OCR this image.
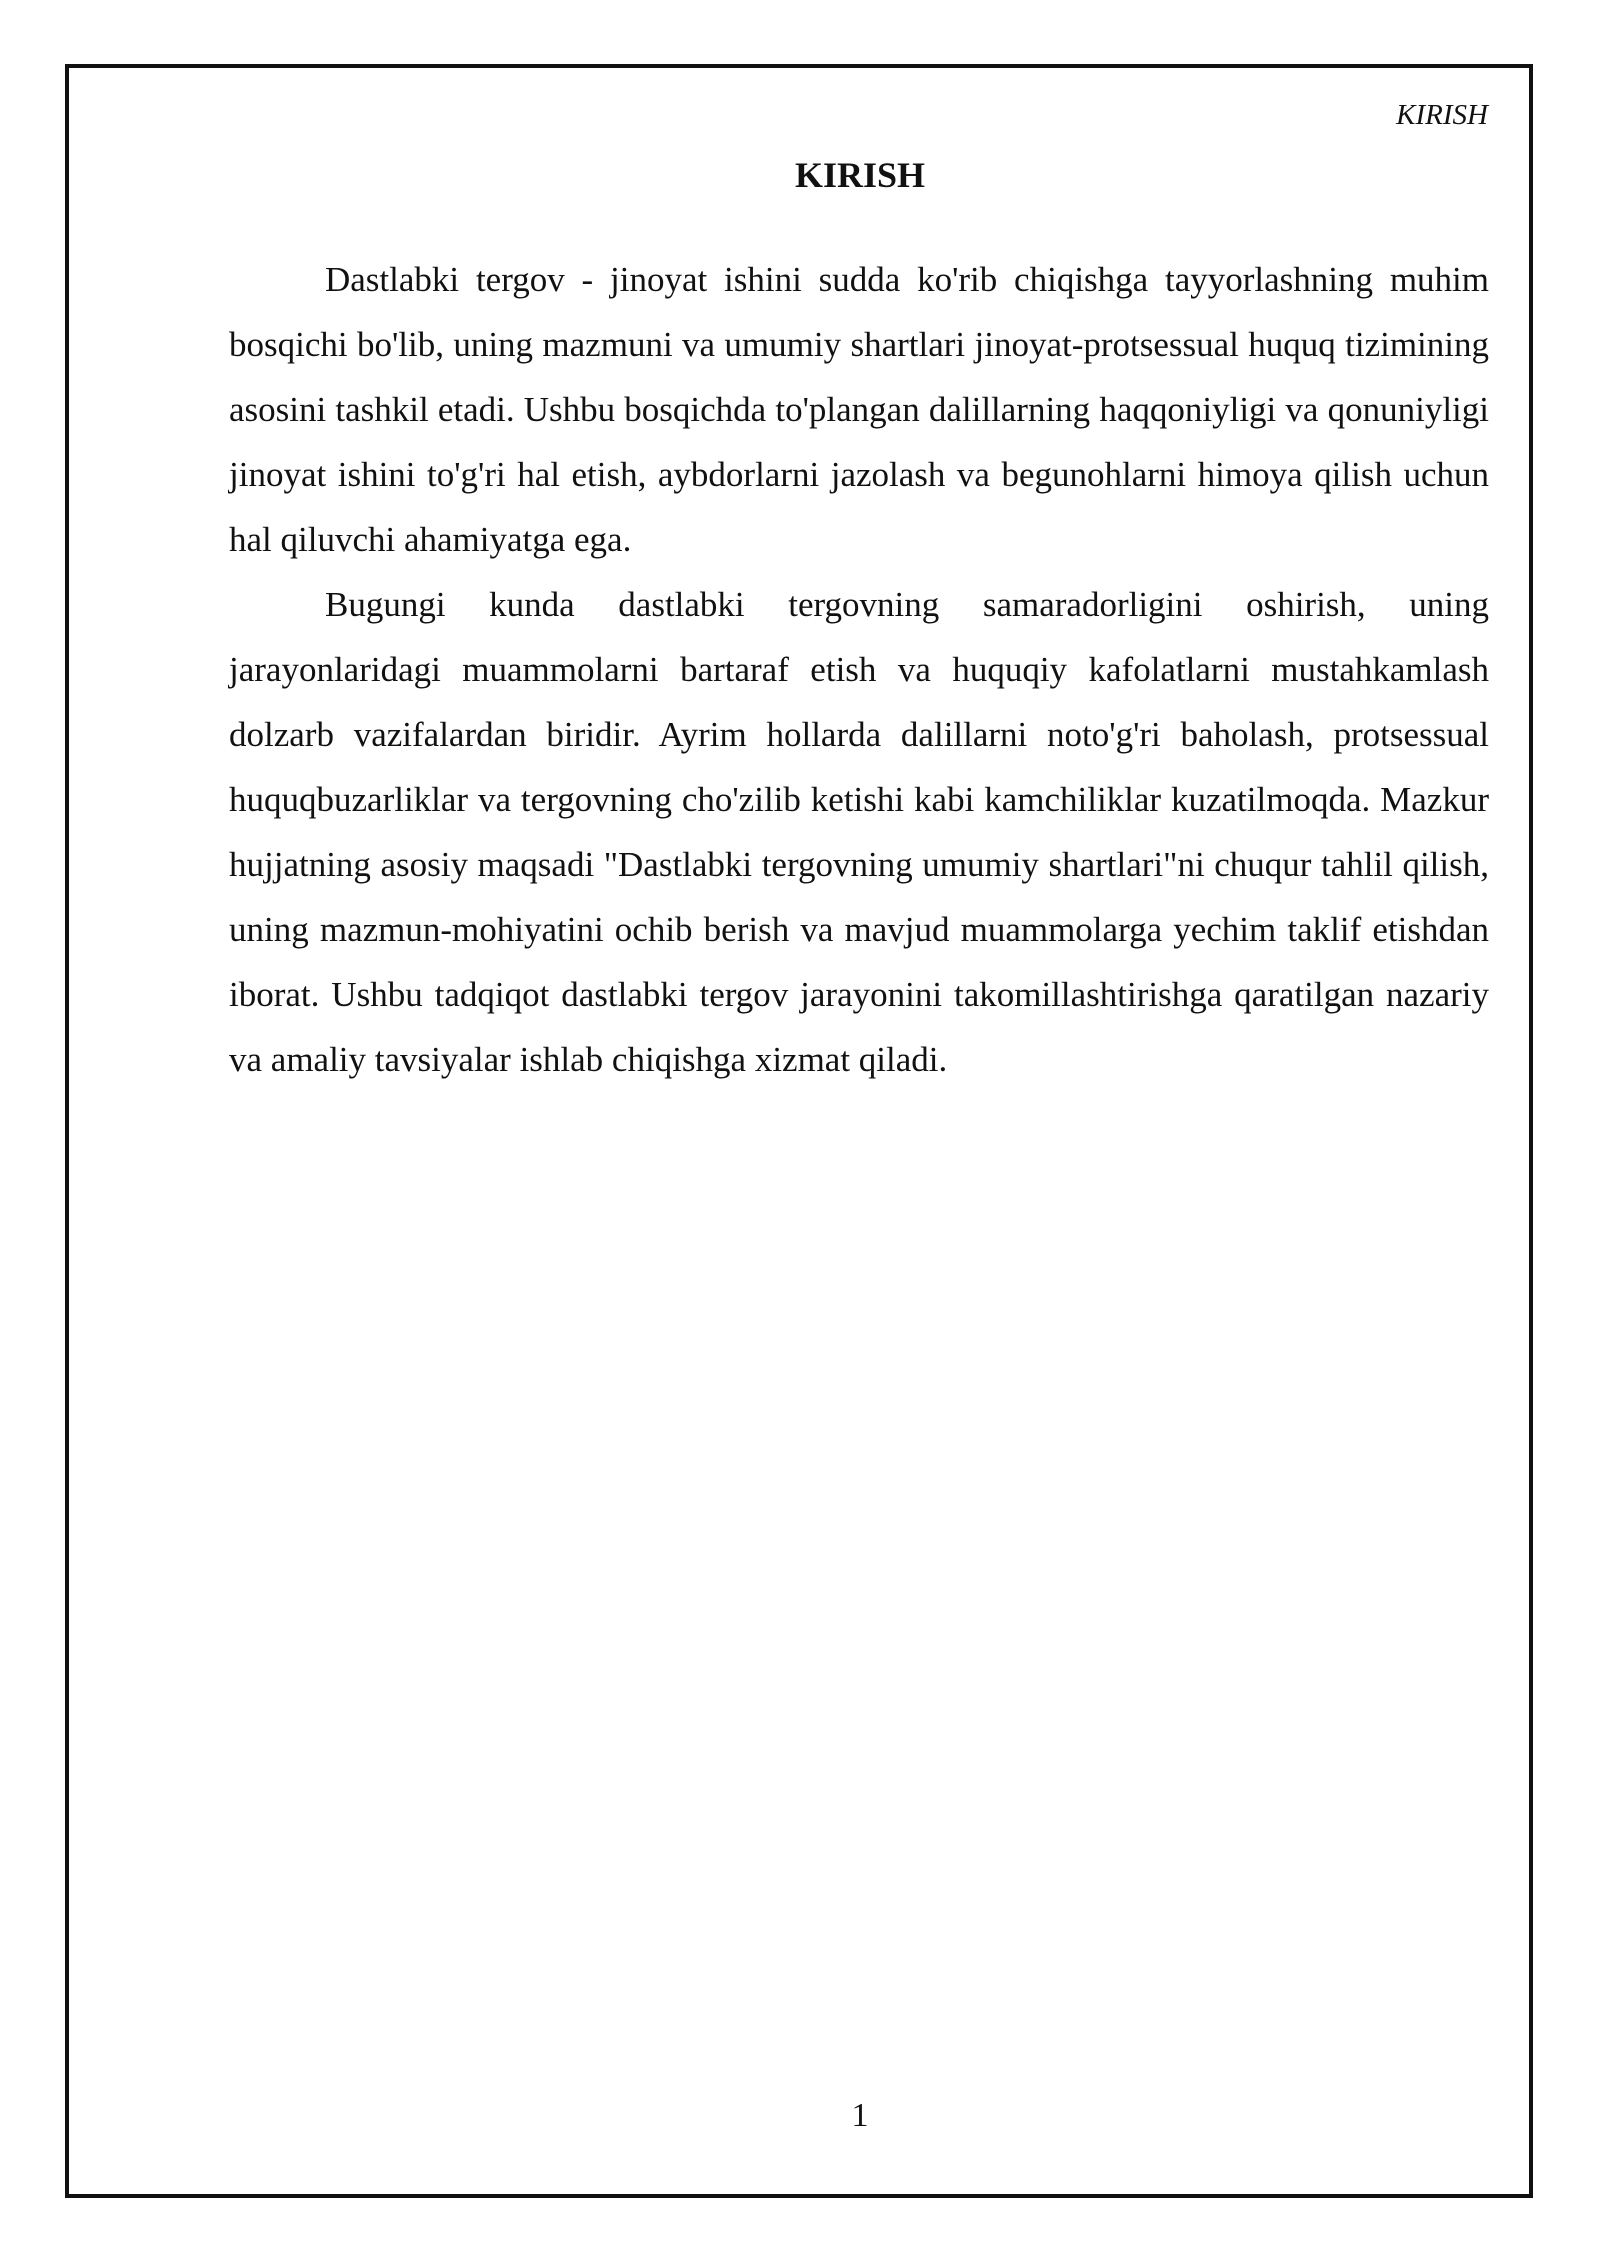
KIRISH
KIRISH

Dastlabki tergov - jinoyat ishini sudda ko'rib chiqishga tayyorlashning muhim bosqichi bo'lib, uning mazmuni va umumiy shartlari jinoyat-protsessual huquq tizimining asosini tashkil etadi. Ushbu bosqichda to'plangan dalillarning haqqoniyligi va qonuniyligi jinoyat ishini to'g'ri hal etish, aybdorlarni jazolash va begunohlarni himoya qilish uchun hal qiluvchi ahamiyatga ega.

Bugungi kunda dastlabki tergovning samaradorligini oshirish, uning jarayonlaridagi muammolarni bartaraf etish va huquqiy kafolatlarni mustahkamlash dolzarb vazifalardan biridir. Ayrim hollarda dalillarni noto'g'ri baholash, protsessual huquqbuzarliklar va tergovning cho'zilib ketishi kabi kamchiliklar kuzatilmoqda. Mazkur hujjatning asosiy maqsadi "Dastlabki tergovning umumiy shartlari"ni chuqur tahlil qilish, uning mazmun-mohiyatini ochib berish va mavjud muammolarga yechim taklif etishdan iborat. Ushbu tadqiqot dastlabki tergov jarayonini takomillashtirishga qaratilgan nazariy va amaliy tavsiyalar ishlab chiqishga xizmat qiladi.

1
